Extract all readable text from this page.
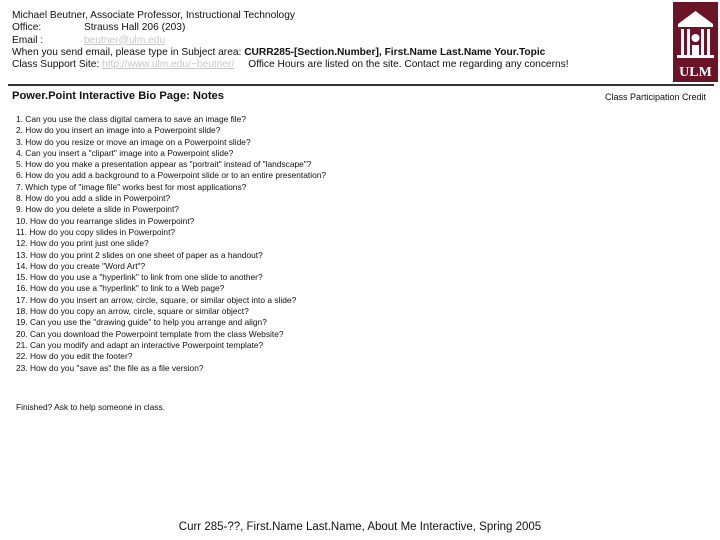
Michael Beutner, Associate Professor, Instructional Technology
Office:	Strauss Hall 206 (203)
Email :	beutner@ulm.edu
When you send email, please type in Subject area: CURR285-[Section.Number], First.Name Last.Name Your.Topic
Class Support Site: http://www.ulm.edu/~beutner/ Office Hours are listed on the site. Contact me regarding any concerns!
ULM
Power.Point Interactive Bio Page: Notes	Class Participation Credit
1. Can you use the class digital camera to save an image file?
2. How do you insert an image into a Powerpoint slide?
3. How do you resize or move an image on a Powerpoint slide?
4. Can you insert a "clipart" image into a Powerpoint slide?
5. How do you make a presentation appear as "portrait" instead of "landscape"?
6. How do you add a background to a Powerpoint slide or to an entire presentation?
7. Which type of "image file" works best for most applications?
8. How do you add a slide in Powerpoint?
9. How do you delete a slide in Powerpoint?
10. How do you rearrange slides in Powerpoint?
11. How do you copy slides in Powerpoint?
12. How do you print just one slide?
13. How do you print 2 slides on one sheet of paper as a handout?
14. How do you create "Word Art"?
15. How do you use a "hyperlink" to link from one slide to another?
16. How do you use a "hyperlink" to link to a Web page?
17. How do you insert an arrow, circle, square, or similar object into a slide?
18. How do you copy an arrow, circle, square or similar object?
19. Can you use the "drawing guide" to help you arrange and align?
20. Can you download the Powerpoint template from the class Website?
21. Can you modify and adapt an interactive Powerpoint template?
22. How do you edit the footer?
23. How do you "save as" the file as a file version?
Finished? Ask to help someone in class.
Curr 285-??, First.Name Last.Name, About Me Interactive, Spring 2005
